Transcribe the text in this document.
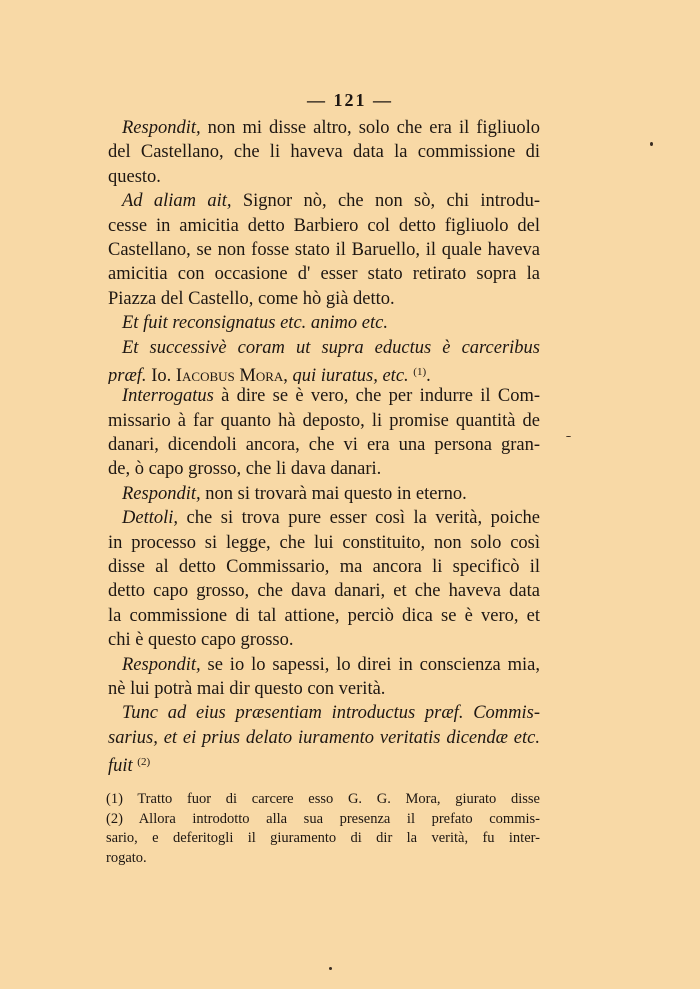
— 121 —
Respondit, non mi disse altro, solo che era il figliuolo
del Castellano, che li haveva data la commissione di
questo.
Ad aliam ait, Signor nò, che non sò, chi introdu-
cesse in amicitia detto Barbiero col detto figliuolo del
Castellano, se non fosse stato il Baruello, il quale haveva
amicitia con occasione d' esser stato retirato sopra la
Piazza del Castello, come hò già detto.
Et fuit reconsignatus etc. animo etc.
Et successivè coram ut supra eductus è carceribus
præf. Io. Iacobus Mora, qui iuratus, etc. $^{(1)}$.
Interrogatus à dire se è vero, che per indurre il Com-
missario à far quanto hà deposto, li promise quantità de
danari, dicendoli ancora, che vi era una persona gran-
de, ò capo grosso, che li dava danari.
Respondit, non si trovarà mai questo in eterno.
Dettoli, che si trova pure esser così la verità, poiche
in processo si legge, che lui constituito, non solo così
disse al detto Commissario, ma ancora li specificò il
detto capo grosso, che dava danari, et che haveva data
la commissione di tal attione, perciò dica se è vero, et
chi è questo capo grosso.
Respondit, se io lo sapessi, lo direi in conscienza mia,
nè lui potrà mai dir questo con verità.
Tunc ad eius præsentiam introductus præf. Commis-
sarius, et ei prius delato iuramento veritatis dicendæ etc.
fuit $^{(2)}$
(1) Tratto fuor di carcere esso G. G. Mora, giurato disse
(2) Allora introdotto alla sua presenza il prefato commis-
sario, e deferitogli il giuramento di dir la verità, fu inter-
rogato.
